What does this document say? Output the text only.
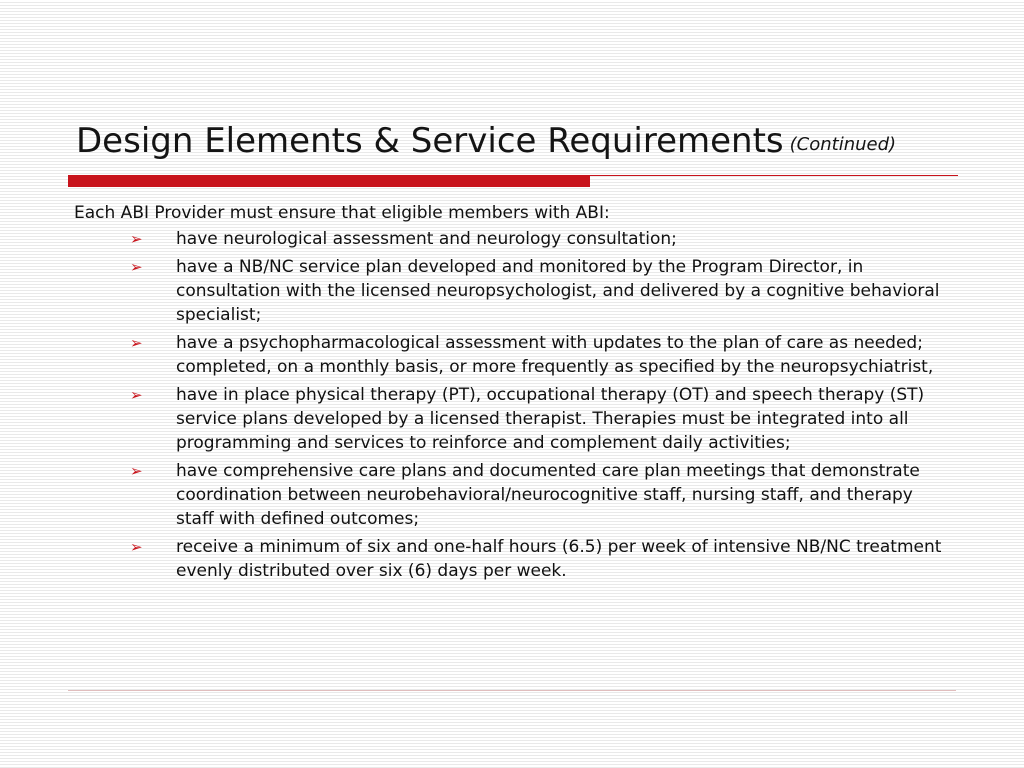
Design Elements & Service Requirements (Continued)

Each ABI Provider must ensure that eligible members with ABI:

➢ have neurological assessment and neurology consultation;
➢ have a NB/NC service plan developed and monitored by the Program Director, in consultation with the licensed neuropsychologist, and delivered by a cognitive behavioral specialist;
➢ have a psychopharmacological assessment with updates to the plan of care as needed; completed, on a monthly basis, or more frequently as specified by the neuropsychiatrist,
➢ have in place physical therapy (PT), occupational therapy (OT) and speech therapy (ST) service plans developed by a licensed therapist. Therapies must be integrated into all programming and services to reinforce and complement daily activities;
➢ have comprehensive care plans and documented care plan meetings that demonstrate coordination between neurobehavioral/neurocognitive staff, nursing staff, and therapy staff with defined outcomes;
➢ receive a minimum of six and one-half hours (6.5) per week of intensive NB/NC treatment evenly distributed over six (6) days per week.
